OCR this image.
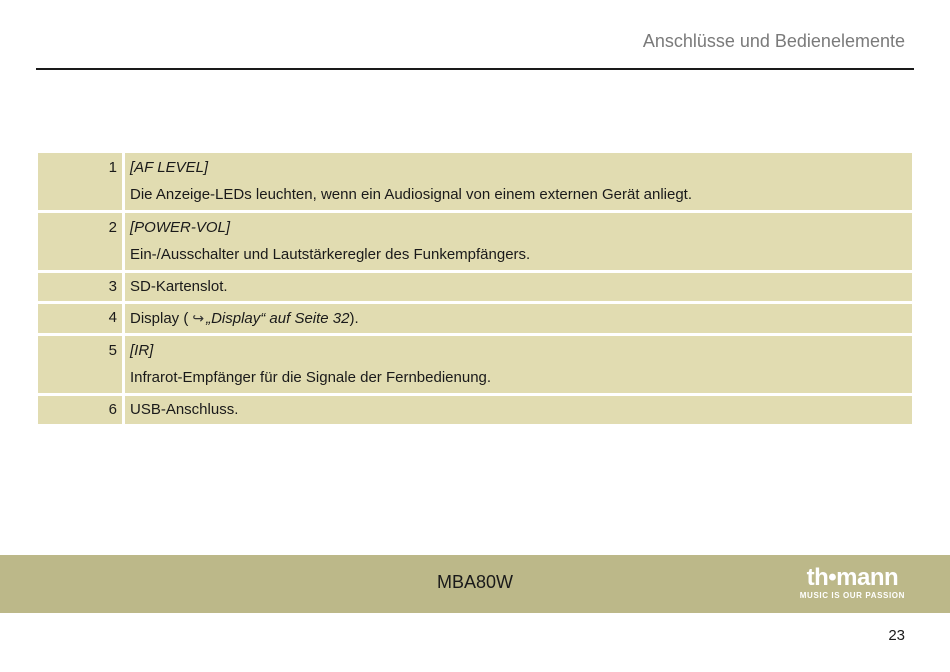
Anschlüsse und Bedienelemente
1 [AF LEVEL]
Die Anzeige-LEDs leuchten, wenn ein Audiosignal von einem externen Gerät anliegt.
2 [POWER-VOL]
Ein-/Ausschalter und Lautstärkeregler des Funkempfängers.
3 SD-Kartenslot.
4 Display ( ↪ „Display“ auf Seite 32).
5 [IR]
Infrarot-Empfänger für die Signale der Fernbedienung.
6 USB-Anschluss.
MBA80W	th•mann
MUSIC IS OUR PASSION
23
